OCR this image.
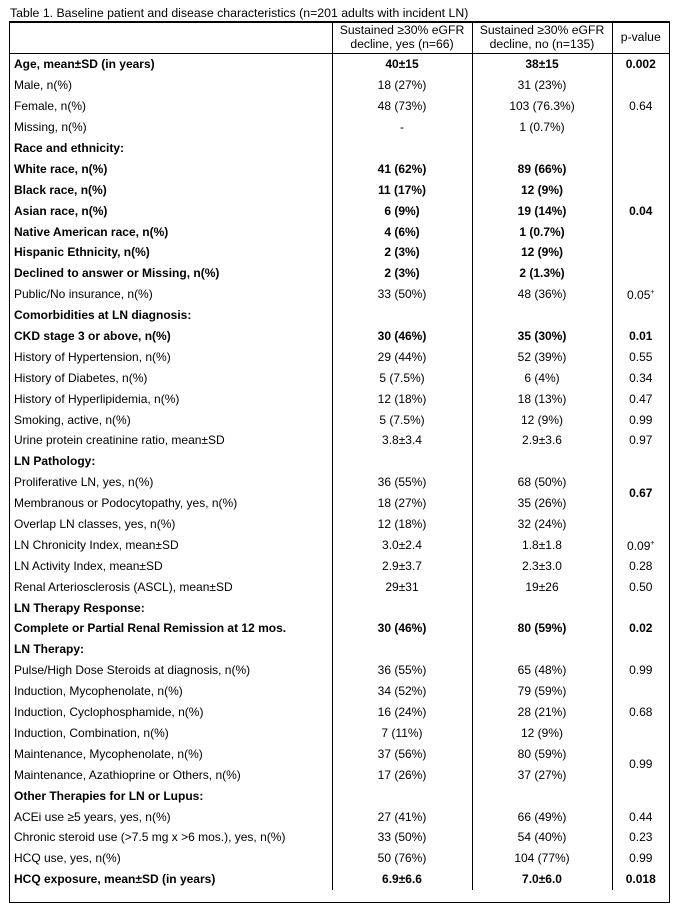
Table 1. Baseline patient and disease characteristics (n=201 adults with incident LN)
	Sustained ≥30% eGFR decline, yes (n=66)	Sustained ≥30% eGFR decline, no (n=135)	p-value
Age, mean±SD (in years)	40±15	38±15	0.002
Male, n(%)	18 (27%)	31 (23%)	0.64
Female, n(%)	48 (73%)	103 (76.3%)	
Missing, n(%)	-	1 (0.7%)	
Race and ethnicity:			0.04
White race, n(%)	41 (62%)	89 (66%)	
Black race, n(%)	11 (17%)	12 (9%)	
Asian race, n(%)	6 (9%)	19 (14%)	
Native American race, n(%)	4 (6%)	1 (0.7%)	
Hispanic Ethnicity, n(%)	2 (3%)	12 (9%)	
Declined to answer or Missing, n(%)	2 (3%)	2 (1.3%)	
Public/No insurance, n(%)	33 (50%)	48 (36%)	0.05+
Comorbidities at LN diagnosis:			
CKD stage 3 or above, n(%)	30 (46%)	35 (30%)	0.01
History of Hypertension, n(%)	29 (44%)	52 (39%)	0.55
History of Diabetes, n(%)	5 (7.5%)	6 (4%)	0.34
History of Hyperlipidemia, n(%)	12 (18%)	18 (13%)	0.47
Smoking, active, n(%)	5 (7.5%)	12 (9%)	0.99
Urine protein creatinine ratio, mean±SD	3.8±3.4	2.9±3.6	0.97
LN Pathology:			0.67
Proliferative LN, yes, n(%)	36 (55%)	68 (50%)	
Membranous or Podocytopathy, yes, n(%)	18 (27%)	35 (26%)	
Overlap LN classes, yes, n(%)	12 (18%)	32 (24%)	
LN Chronicity Index, mean±SD	3.0±2.4	1.8±1.8	0.09+
LN Activity Index, mean±SD	2.9±3.7	2.3±3.0	0.28
Renal Arteriosclerosis (ASCL), mean±SD	29±31	19±26	0.50
LN Therapy Response:			
Complete or Partial Renal Remission at 12 mos.	30 (46%)	80 (59%)	0.02
LN Therapy:			
Pulse/High Dose Steroids at diagnosis, n(%)	36 (55%)	65 (48%)	0.99
Induction, Mycophenolate, n(%)	34 (52%)	79 (59%)	0.68
Induction, Cyclophosphamide, n(%)	16 (24%)	28 (21%)	
Induction, Combination, n(%)	7 (11%)	12 (9%)	
Maintenance, Mycophenolate, n(%)	37 (56%)	80 (59%)	0.99
Maintenance, Azathioprine or Others, n(%)	17 (26%)	37 (27%)	
Other Therapies for LN or Lupus:			
ACEi use ≥5 years, yes, n(%)	27 (41%)	66 (49%)	0.44
Chronic steroid use (>7.5 mg x >6 mos.), yes, n(%)	33 (50%)	54 (40%)	0.23
HCQ use, yes, n(%)	50 (76%)	104 (77%)	0.99
HCQ exposure, mean±SD (in years)	6.9±6.6	7.0±6.0	0.018
